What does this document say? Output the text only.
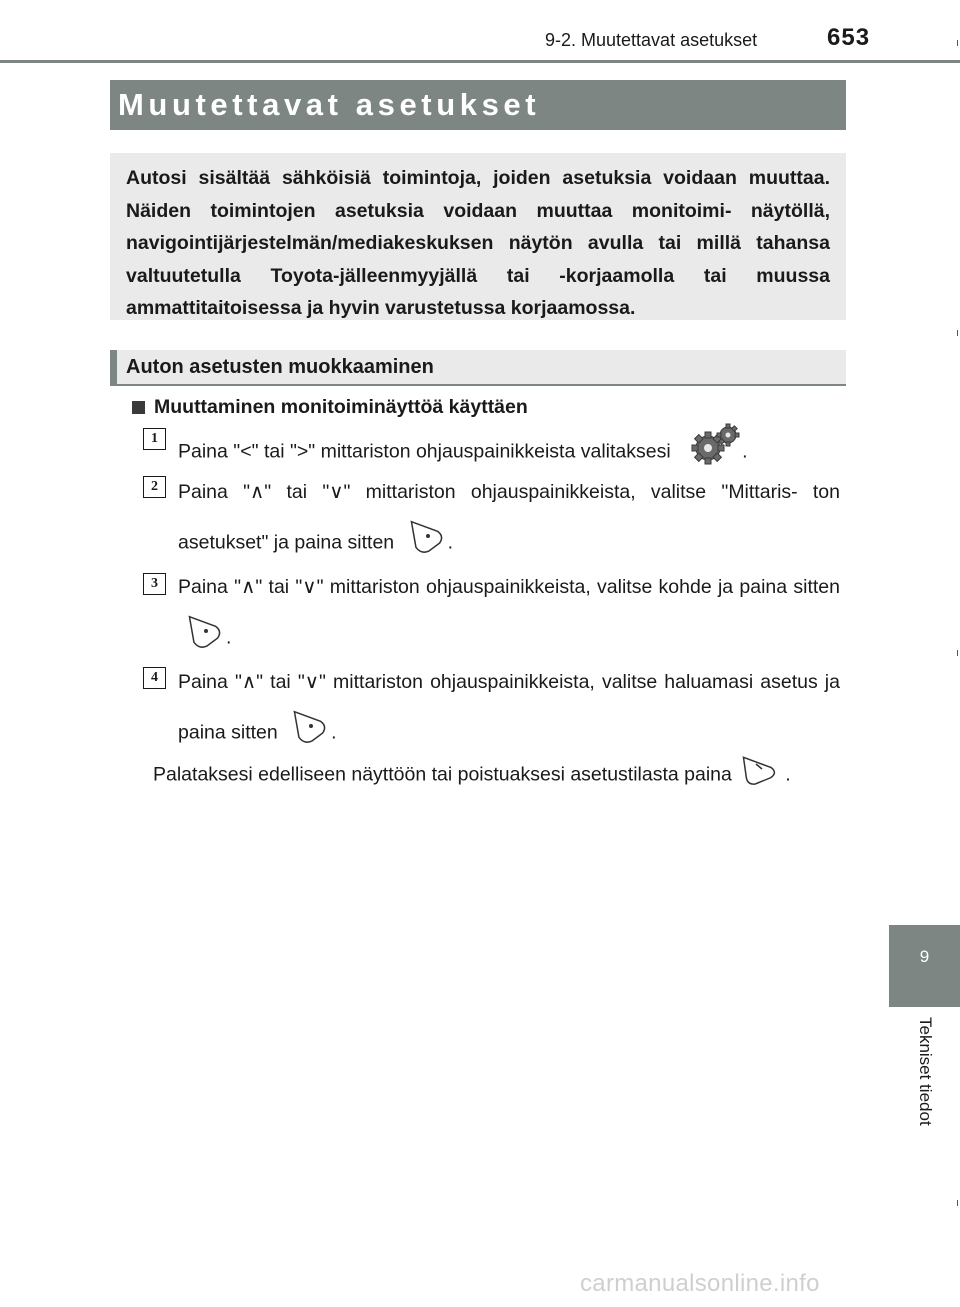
9-2. Muutettavat asetukset	653
Muutettavat asetukset

Autosi sisältää sähköisiä toimintoja, joiden asetuksia voidaan muuttaa. Näiden toimintojen asetuksia voidaan muuttaa monitoimi- näytöllä, navigointijärjestelmän/mediakeskuksen näytön avulla tai millä tahansa valtuutetulla Toyota-jälleenmyyjällä tai -korjaamolla tai muussa ammattitaitoisessa ja hyvin varustetussa korjaamossa.

Auton asetusten muokkaaminen
Muuttaminen monitoiminäyttöä käyttäen
1
Paina "<" tai ">" mittariston ohjauspainikkeista valitaksesi	.
2	Paina "∧" tai "∨" mittariston ohjauspainikkeista, valitse "Mittaris- ton asetukset" ja paina sitten	.
3	Paina "∧" tai "∨" mittariston ohjauspainikkeista, valitse kohde ja paina sitten .
4	Paina "∧" tai "∨" mittariston ohjauspainikkeista, valitse haluamasi asetus ja paina sitten	.
Palataksesi edelliseen näyttöön tai poistuaksesi asetustilasta paina	.
9
Tekniset tiedot
carmanualsonline.info
